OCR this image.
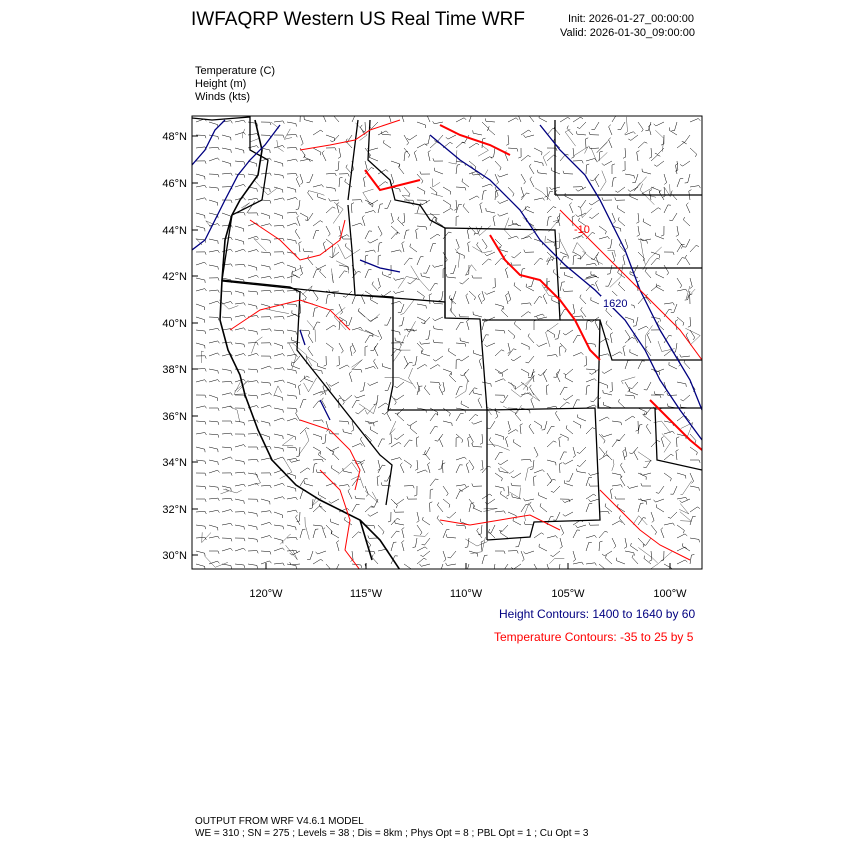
IWFAQRP Western US Real Time WRF	Init: 2026-01-27_00:00:00
Valid: 2026-01-30_09:00:00
Temperature (C)
Height (m)
Winds (kts)
-10
1620
48°N
46°N
44°N
42°N
40°N
38°N
36°N
34°N
32°N
30°N
120°W	115°W	110°W	105°W	100°W
Height Contours: 1400 to 1640 by 60
Temperature Contours: -35 to 25 by 5
OUTPUT FROM WRF V4.6.1 MODEL
WE = 310 ; SN = 275 ; Levels = 38 ; Dis = 8km ; Phys Opt = 8 ; PBL Opt = 1 ; Cu Opt = 3
